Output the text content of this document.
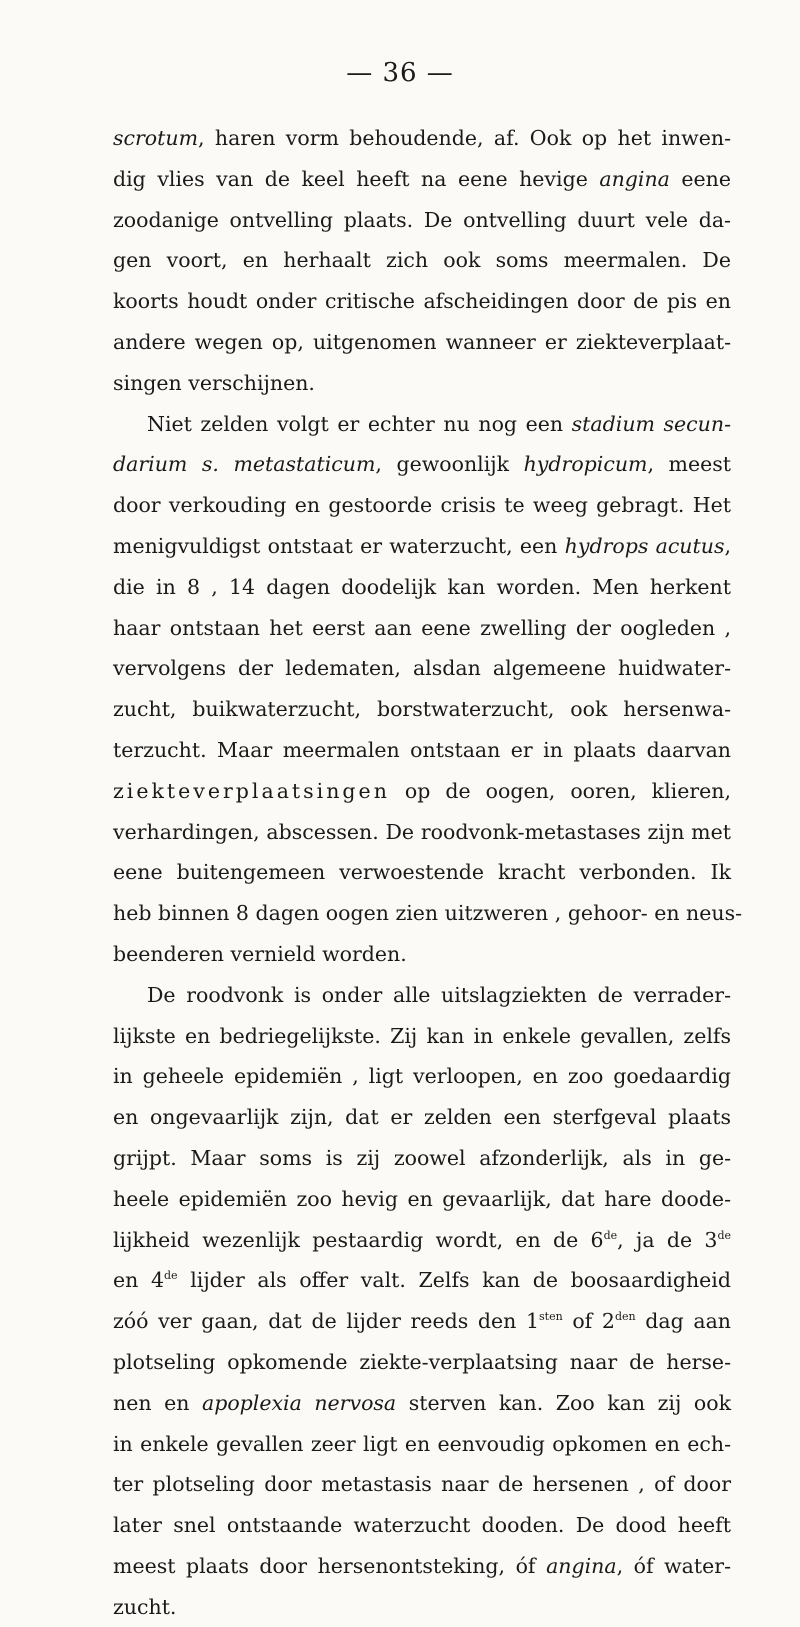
— 36 —
scrotum, haren vorm behoudende, af. Ook op het inwen-
dig vlies van de keel heeft na eene hevige angina eene
zoodanige ontvelling plaats. De ontvelling duurt vele da-
gen voort, en herhaalt zich ook soms meermalen. De
koorts houdt onder critische afscheidingen door de pis en
andere wegen op, uitgenomen wanneer er ziekteverplaat-
singen verschijnen.
Niet zelden volgt er echter nu nog een stadium secun-
darium s. metastaticum, gewoonlijk hydropicum, meest
door verkouding en gestoorde crisis te weeg gebragt. Het
menigvuldigst ontstaat er waterzucht, een hydrops acutus,
die in 8 , 14 dagen doodelijk kan worden. Men herkent
haar ontstaan het eerst aan eene zwelling der oogleden ,
vervolgens der ledematen, alsdan algemeene huidwater-
zucht, buikwaterzucht, borstwaterzucht, ook hersenwa-
terzucht. Maar meermalen ontstaan er in plaats daarvan
ziekteverplaatsingen op de oogen, ooren, klieren,
verhardingen, abscessen. De roodvonk-metastases zijn met
eene buitengemeen verwoestende kracht verbonden. Ik
heb binnen 8 dagen oogen zien uitzweren , gehoor- en neus-
beenderen vernield worden.
De roodvonk is onder alle uitslagziekten de verrader-
lijkste en bedriegelijkste. Zij kan in enkele gevallen, zelfs
in geheele epidemiën , ligt verloopen, en zoo goedaardig
en ongevaarlijk zijn, dat er zelden een sterfgeval plaats
grijpt. Maar soms is zij zoowel afzonderlijk, als in ge-
heele epidemiën zoo hevig en gevaarlijk, dat hare doode-
lijkheid wezenlijk pestaardig wordt, en de 6de, ja de 3de
en 4de lijder als offer valt. Zelfs kan de boosaardigheid
zóó ver gaan, dat de lijder reeds den $1^{sten}$ of $2^{den}$ dag aan
plotseling opkomende ziekte-verplaatsing naar de herse-
nen en apoplexia nervosa sterven kan. Zoo kan zij ook
in enkele gevallen zeer ligt en eenvoudig opkomen en ech-
ter plotseling door metastasis naar de hersenen , of door
later snel ontstaande waterzucht dooden. De dood heeft
meest plaats door hersenontsteking, óf angina, óf water-
zucht.
